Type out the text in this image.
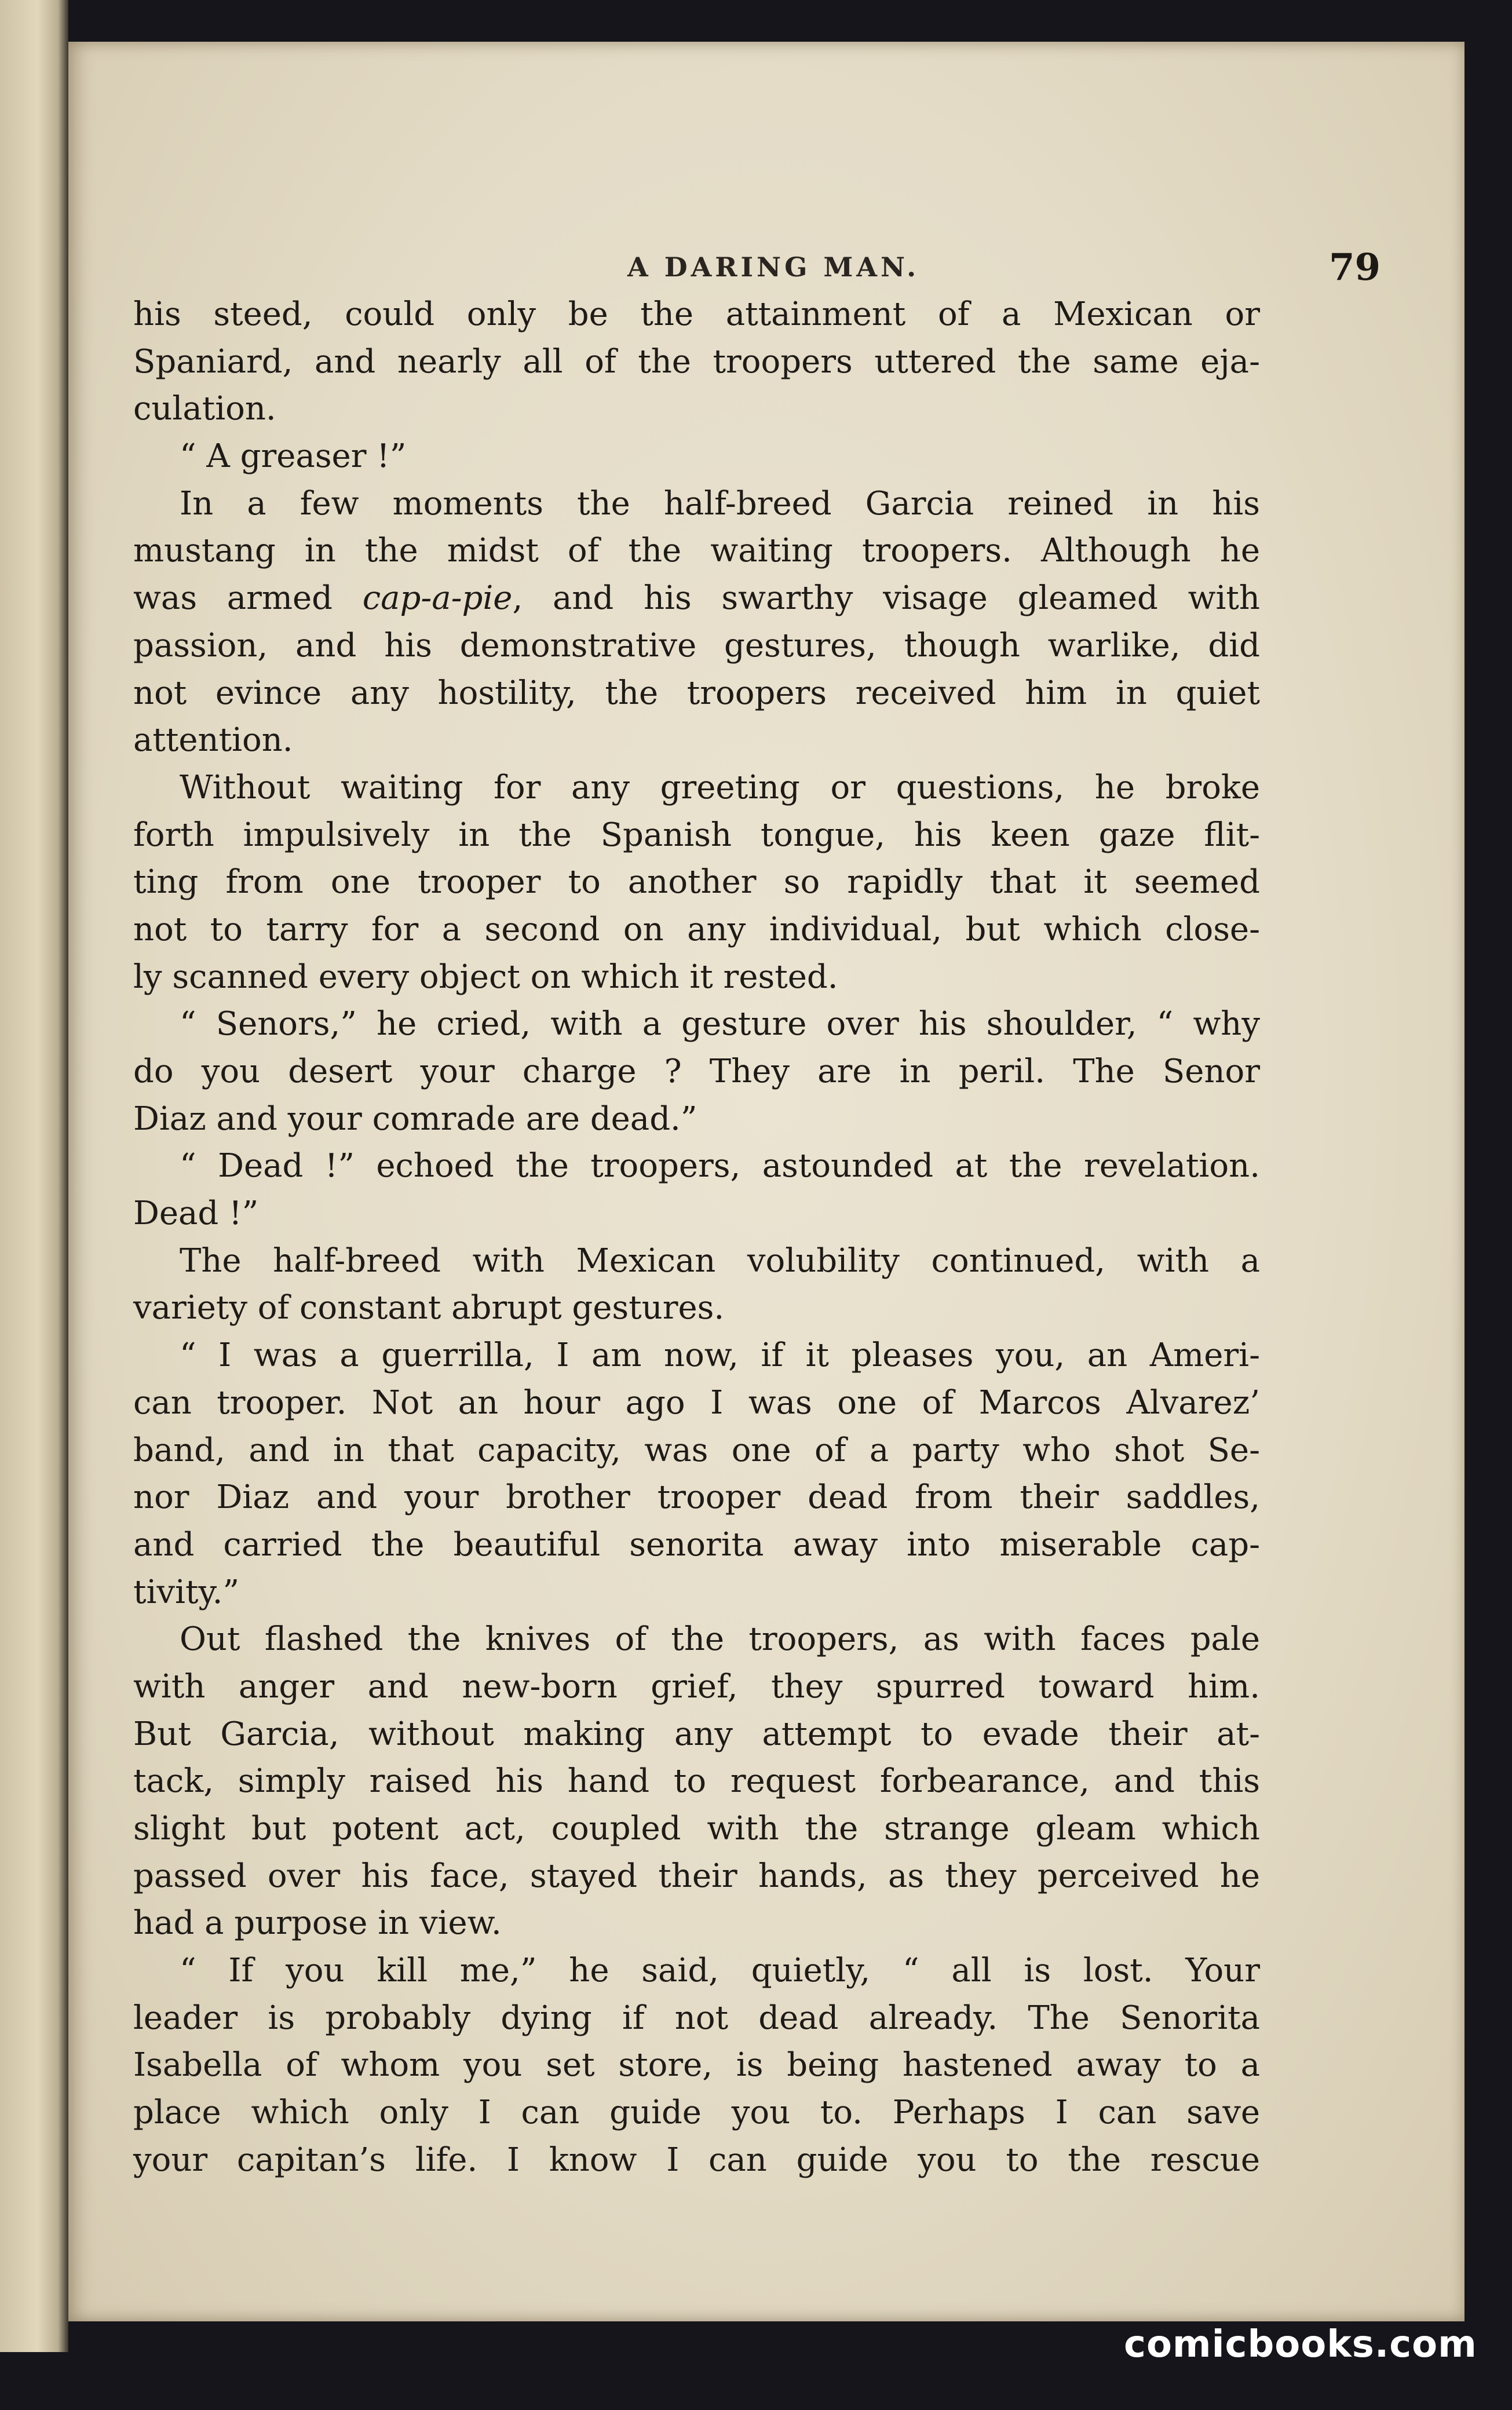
A DARING MAN.	79
his steed, could only be the attainment of a Mexican or
Spaniard, and nearly all of the troopers uttered the same eja-
culation.
“ A greaser !”
In a few moments the half-breed Garcia reined in his
mustang in the midst of the waiting troopers. Although he
was armed cap-a-pie, and his swarthy visage gleamed with
passion, and his demonstrative gestures, though warlike, did
not evince any hostility, the troopers received him in quiet
attention.
Without waiting for any greeting or questions, he broke
forth impulsively in the Spanish tongue, his keen gaze flit-
ting from one trooper to another so rapidly that it seemed
not to tarry for a second on any individual, but which close-
ly scanned every object on which it rested.
“ Senors,” he cried, with a gesture over his shoulder, “ why
do you desert your charge ? They are in peril. The Senor
Diaz and your comrade are dead.”
“ Dead !” echoed the troopers, astounded at the revelation.
Dead !”
The half-breed with Mexican volubility continued, with a
variety of constant abrupt gestures.
“ I was a guerrilla, I am now, if it pleases you, an Ameri-
can trooper. Not an hour ago I was one of Marcos Alvarez’
band, and in that capacity, was one of a party who shot Se-
nor Diaz and your brother trooper dead from their saddles,
and carried the beautiful senorita away into miserable cap-
tivity.”
Out flashed the knives of the troopers, as with faces pale
with anger and new-born grief, they spurred toward him.
But Garcia, without making any attempt to evade their at-
tack, simply raised his hand to request forbearance, and this
slight but potent act, coupled with the strange gleam which
passed over his face, stayed their hands, as they perceived he
had a purpose in view.
“ If you kill me,” he said, quietly, “ all is lost. Your
leader is probably dying if not dead already. The Senorita
Isabella of whom you set store, is being hastened away to a
place which only I can guide you to. Perhaps I can save
your capitan’s life. I know I can guide you to the rescue
comicbooks.com
